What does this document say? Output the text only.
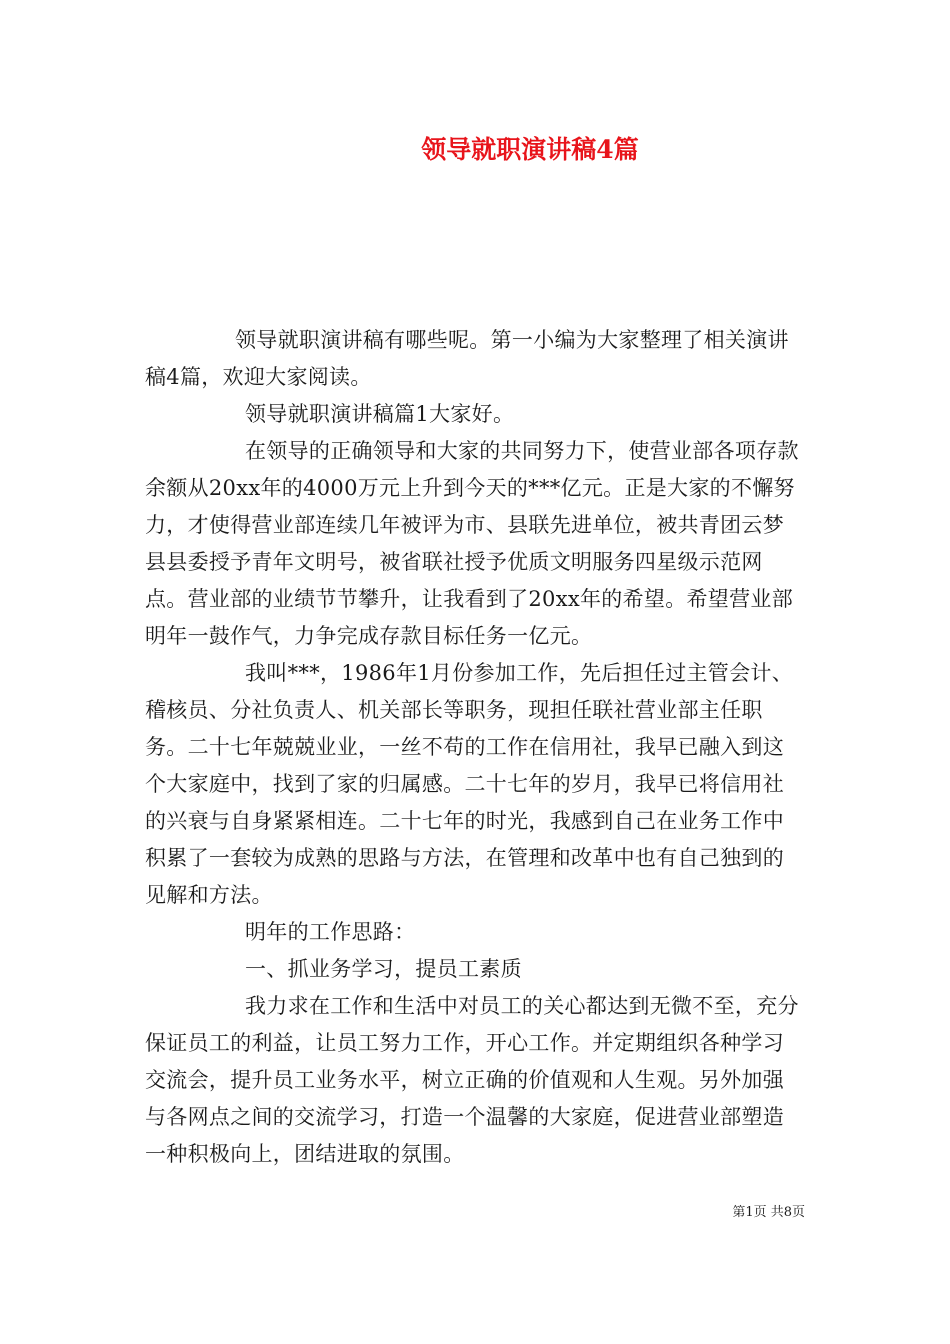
领导就职演讲稿4篇

领导就职演讲稿有哪些呢。第一小编为大家整理了相关演讲稿4篇，欢迎大家阅读。

领导就职演讲稿篇1大家好。

在领导的正确领导和大家的共同努力下，使营业部各项存款余额从20xx年的4000万元上升到今天的***亿元。正是大家的不懈努力，才使得营业部连续几年被评为市、县联先进单位，被共青团云梦县县委授予青年文明号，被省联社授予优质文明服务四星级示范网点。营业部的业绩节节攀升，让我看到了20xx年的希望。希望营业部明年一鼓作气，力争完成存款目标任务一亿元。

我叫***，1986年1月份参加工作，先后担任过主管会计、稽核员、分社负责人、机关部长等职务，现担任联社营业部主任职务。二十七年兢兢业业，一丝不苟的工作在信用社，我早已融入到这个大家庭中，找到了家的归属感。二十七年的岁月，我早已将信用社的兴衰与自身紧紧相连。二十七年的时光，我感到自己在业务工作中积累了一套较为成熟的思路与方法，在管理和改革中也有自己独到的见解和方法。

明年的工作思路：

一、抓业务学习，提员工素质

我力求在工作和生活中对员工的关心都达到无微不至，充分保证员工的利益，让员工努力工作，开心工作。并定期组织各种学习交流会，提升员工业务水平，树立正确的价值观和人生观。另外加强与各网点之间的交流学习，打造一个温馨的大家庭，促进营业部塑造一种积极向上，团结进取的氛围。

第1页 共8页
